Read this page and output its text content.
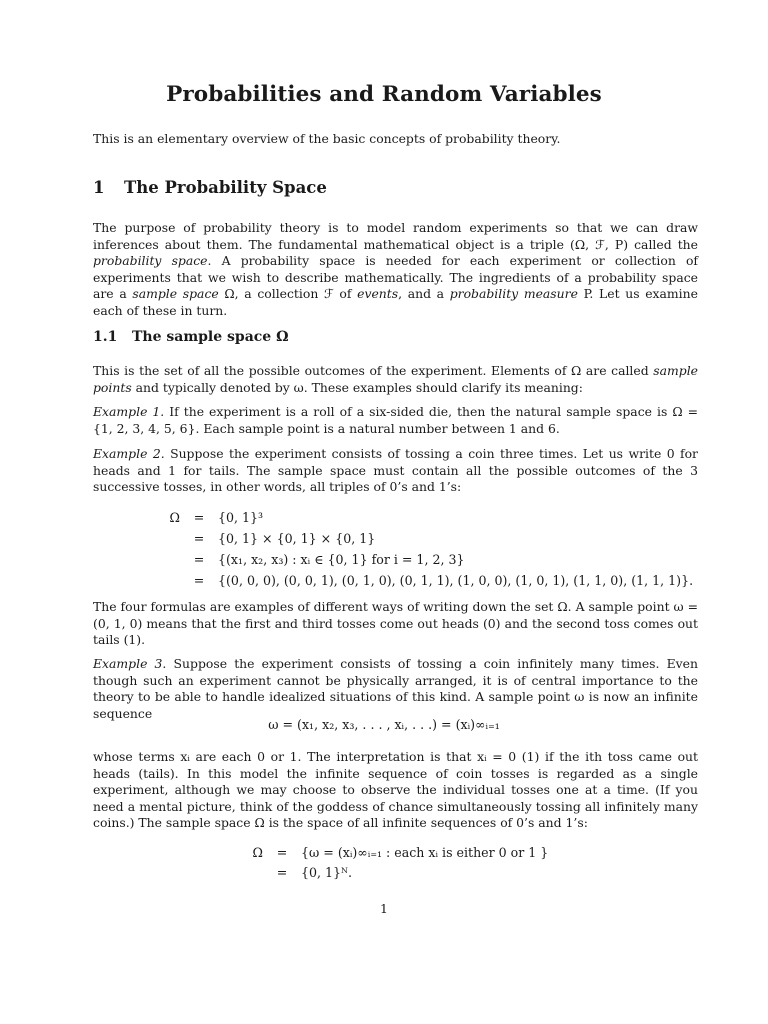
Probabilities and Random Variables

This is an elementary overview of the basic concepts of probability theory.

1 The Probability Space

The purpose of probability theory is to model random experiments so that we can draw inferences about them. The fundamental mathematical object is a triple (Ω, ℱ, P) called the probability space. A probability space is needed for each experiment or collection of experiments that we wish to describe mathematically. The ingredients of a probability space are a sample space Ω, a collection ℱ of events, and a probability measure P. Let us examine each of these in turn.

1.1 The sample space Ω

This is the set of all the possible outcomes of the experiment. Elements of Ω are called sample points and typically denoted by ω. These examples should clarify its meaning:

Example 1. If the experiment is a roll of a six-sided die, then the natural sample space is Ω = {1, 2, 3, 4, 5, 6}. Each sample point is a natural number between 1 and 6.

Example 2. Suppose the experiment consists of tossing a coin three times. Let us write 0 for heads and 1 for tails. The sample space must contain all the possible outcomes of the 3 successive tosses, in other words, all triples of 0’s and 1’s:

Ω = {0, 1}³
= {0, 1} × {0, 1} × {0, 1}
= {(x₁, x₂, x₃) : xᵢ ∈ {0, 1} for i = 1, 2, 3}
= {(0, 0, 0), (0, 0, 1), (0, 1, 0), (0, 1, 1), (1, 0, 0), (1, 0, 1), (1, 1, 0), (1, 1, 1)}.

The four formulas are examples of different ways of writing down the set Ω. A sample point ω = (0, 1, 0) means that the first and third tosses come out heads (0) and the second toss comes out tails (1).

Example 3. Suppose the experiment consists of tossing a coin infinitely many times. Even though such an experiment cannot be physically arranged, it is of central importance to the theory to be able to handle idealized situations of this kind. A sample point ω is now an infinite sequence

ω = (x₁, x₂, x₃, . . . , xᵢ, . . .) = (xᵢ)∞ᵢ₌₁

whose terms xᵢ are each 0 or 1. The interpretation is that xᵢ = 0 (1) if the ith toss came out heads (tails). In this model the infinite sequence of coin tosses is regarded as a single experiment, although we may choose to observe the individual tosses one at a time. (If you need a mental picture, think of the goddess of chance simultaneously tossing all infinitely many coins.) The sample space Ω is the space of all infinite sequences of 0’s and 1’s:

Ω = {ω = (xᵢ)∞ᵢ₌₁ : each xᵢ is either 0 or 1 }
= {0, 1}ᴺ.
1
